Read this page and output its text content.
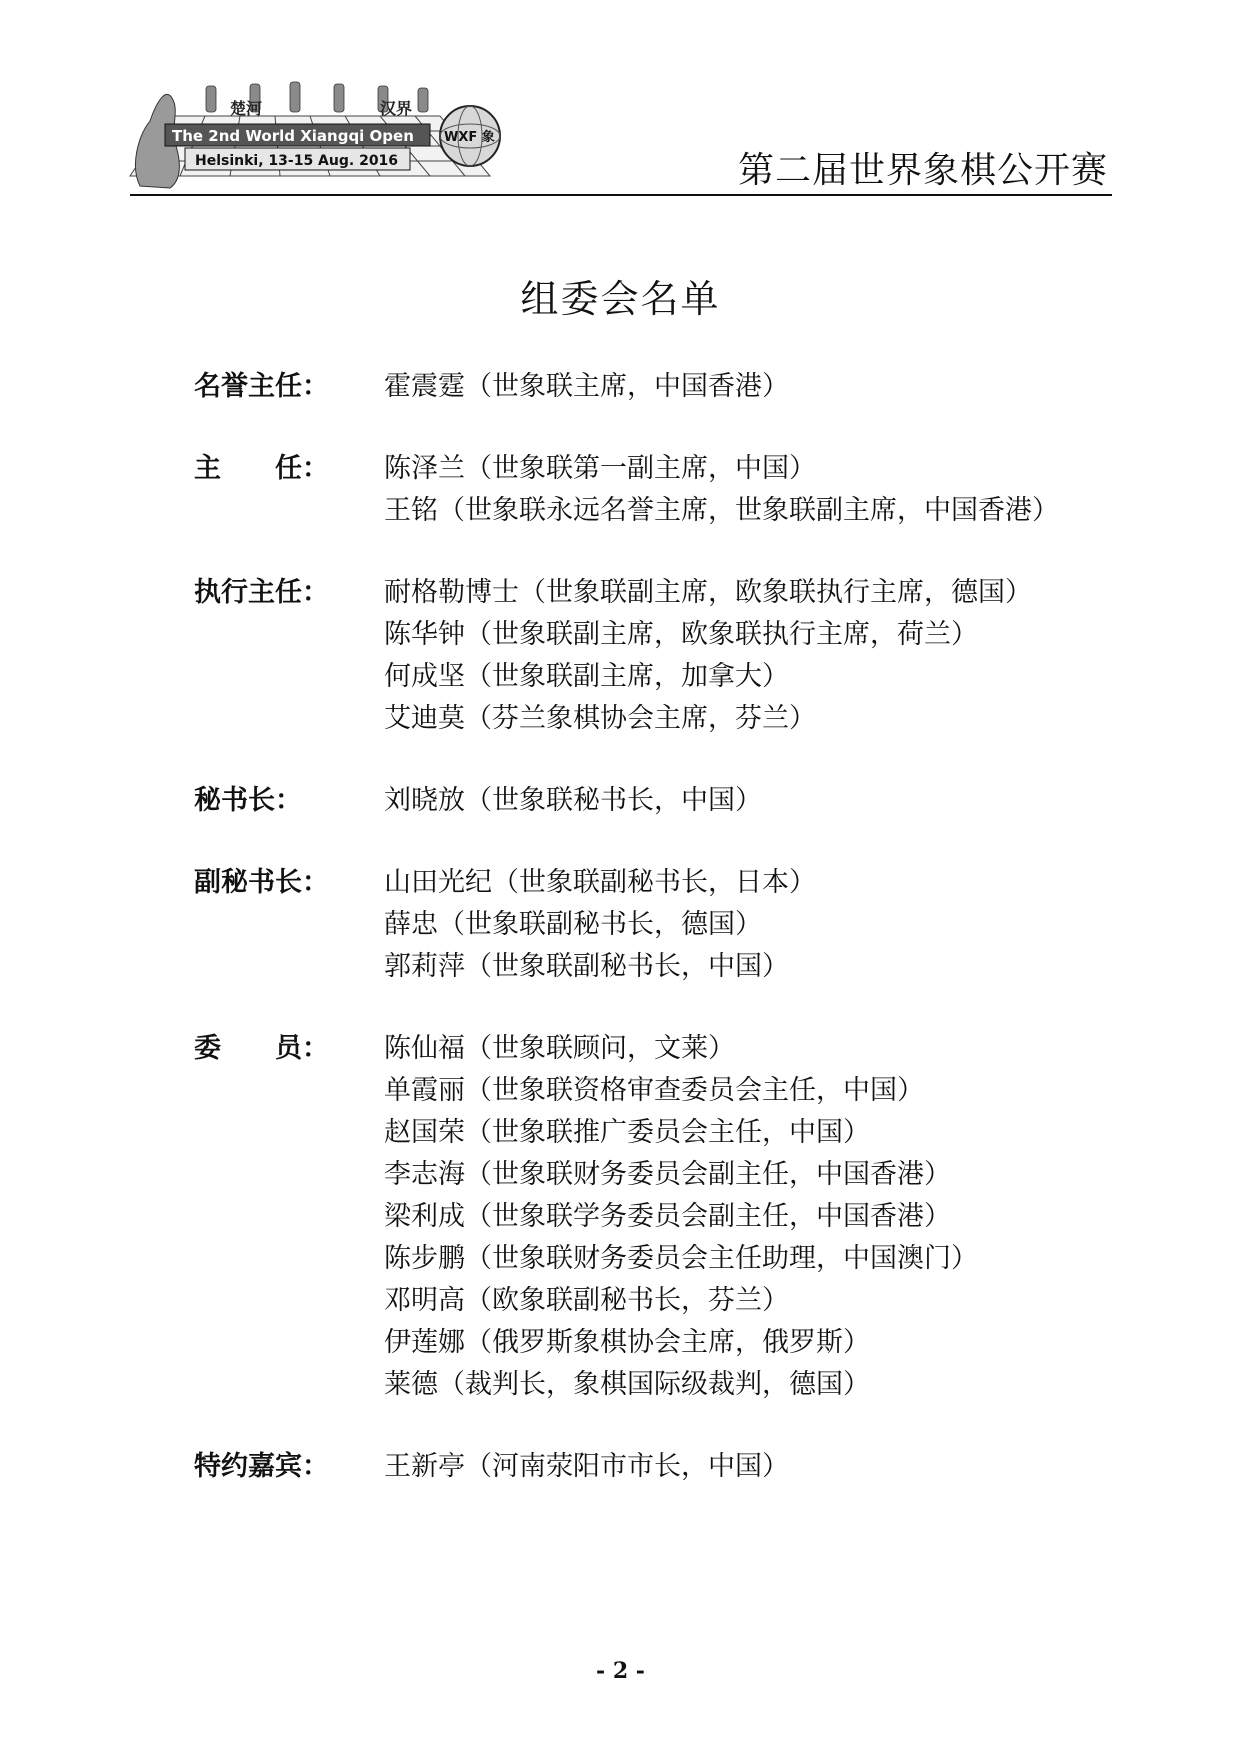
楚河	汉界
The 2nd World Xiangqi Open
Helsinki, 13-15 Aug. 2016
WXF 象
第二届世界象棋公开赛
组委会名单
名誉主任：	霍震霆（世象联主席，中国香港）
主　　任：	陈泽兰（世象联第一副主席，中国）
王铭（世象联永远名誉主席，世象联副主席，中国香港）
执行主任：	耐格勒博士（世象联副主席，欧象联执行主席，德国）
陈华钟（世象联副主席，欧象联执行主席，荷兰）
何成坚（世象联副主席，加拿大）
艾迪莫（芬兰象棋协会主席，芬兰）
秘书长：	刘晓放（世象联秘书长，中国）
副秘书长：	山田光纪（世象联副秘书长，日本）
薛忠（世象联副秘书长，德国）
郭莉萍（世象联副秘书长，中国）
委　　员：	陈仙福（世象联顾问，文莱）
单霞丽（世象联资格审查委员会主任，中国）
赵国荣（世象联推广委员会主任，中国）
李志海（世象联财务委员会副主任，中国香港）
梁利成（世象联学务委员会副主任，中国香港）
陈步鹏（世象联财务委员会主任助理，中国澳门）
邓明高（欧象联副秘书长，芬兰）
伊莲娜（俄罗斯象棋协会主席，俄罗斯）
莱德（裁判长，象棋国际级裁判，德国）
特约嘉宾：	王新亭（河南荥阳市市长，中国）
- 2 -
